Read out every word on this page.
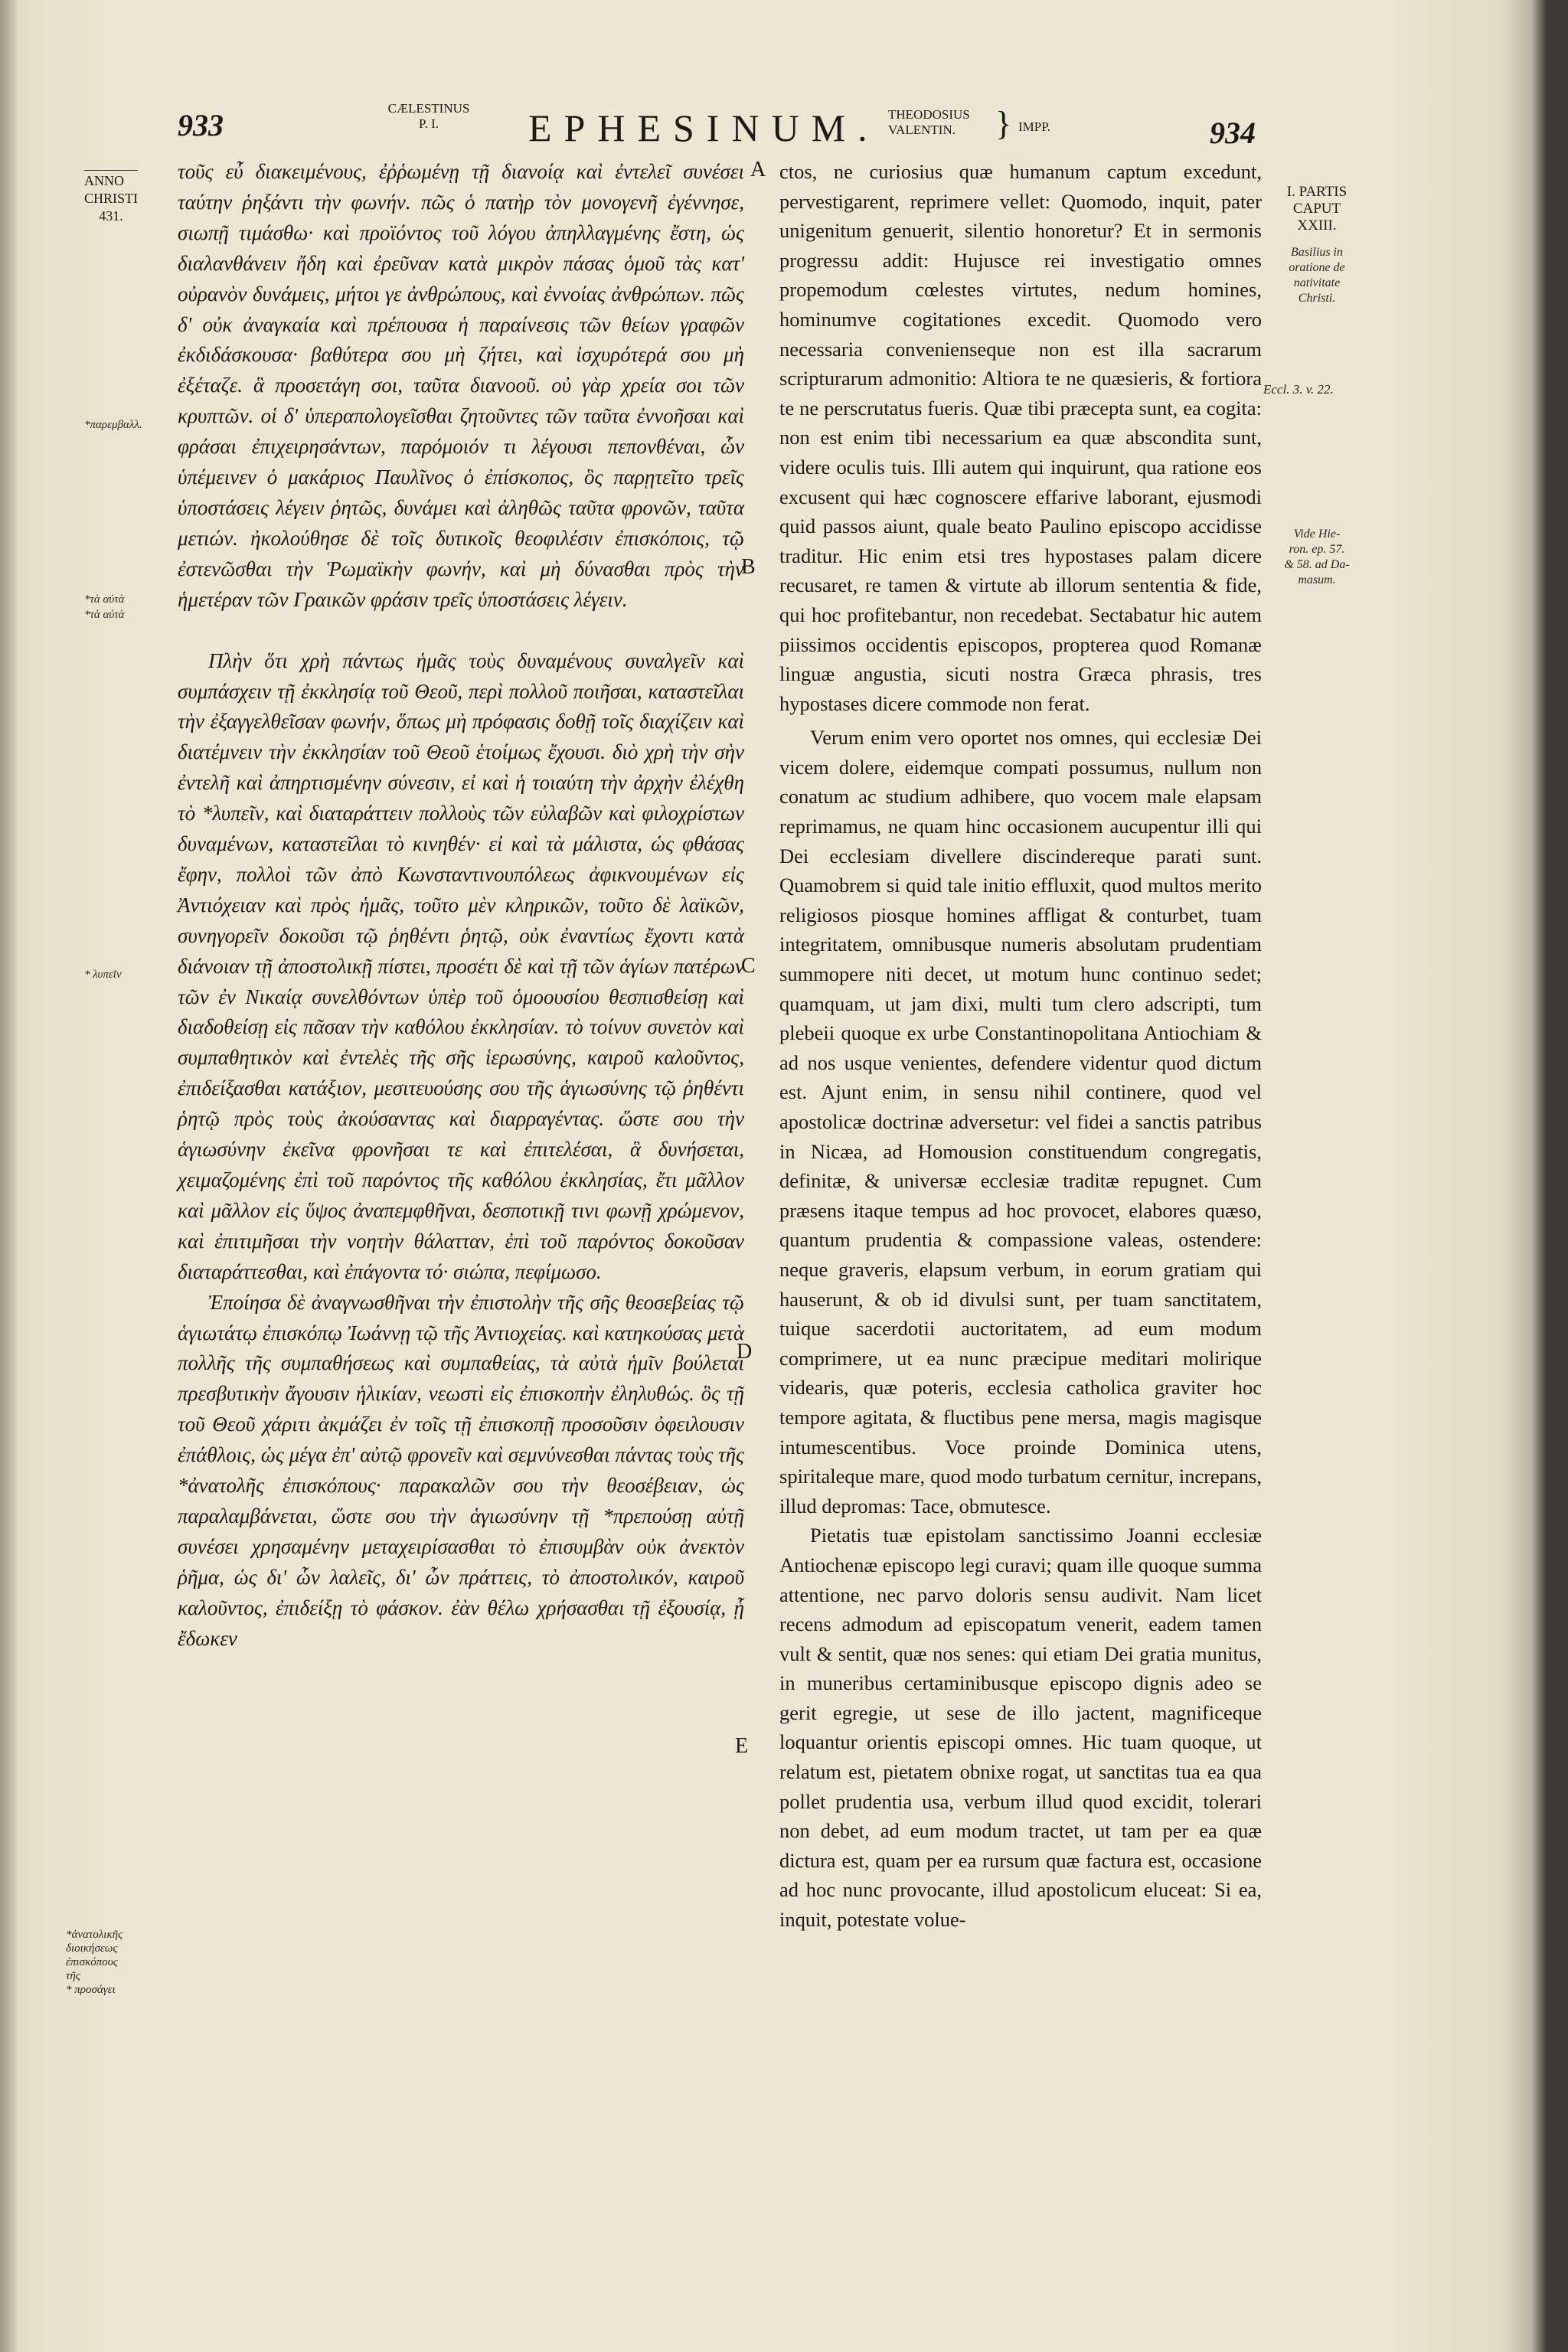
933	CÆLESTINUS
P. I.	EPHESINUM. THEODOSIUS
VALENTIN.	} IMPP.	934
ANNO
CHRISTI
431.
*παρεμβαλλ.
*τὰ αὐτὰ
*τὰ αὐτὰ
* λυπεῖν
*ἀνατολικῆς
διοικήσεως
ἐπισκόπους
τῆς
* προσάγει
A
B
C
D
E

τοῦς εὖ διακειμένους, ἐῤῥωμένῃ τῇ διανοίᾳ καὶ ἐντελεῖ συνέσει ταύτην ῥηξάντι τὴν φωνήν. πῶς ὁ πατὴρ τὸν μονογενῆ ἐγέννησε, σιωπῇ τιμάσθω· καὶ προϊόντος τοῦ λόγου ἀπηλλαγμένης ἔστη, ὡς διαλανθάνειν ἤδη καὶ ἐρεῦναν κατὰ μικρὸν πάσας ὁμοῦ τὰς κατ' οὐρανὸν δυνάμεις, μήτοι γε ἀνθρώπους, καὶ ἐννοίας ἀνθρώπων. πῶς δ' οὐκ ἀναγκαία καὶ πρέπουσα ἡ παραίνεσις τῶν θείων γραφῶν ἐκδιδάσκουσα· βαθύτερα σου μὴ ζήτει, καὶ ἰσχυρότερά σου μὴ ἐξέταζε. ἃ προσετάγη σοι, ταῦτα διανοοῦ. οὐ γὰρ χρεία σοι τῶν κρυπτῶν. οἱ δ' ὑπεραπολογεῖσθαι ζητοῦντες τῶν ταῦτα ἐννοῆσαι καὶ φράσαι ἐπιχειρησάντων, παρόμοιόν τι λέγουσι πεπονθέναι, ὧν ὑπέμεινεν ὁ μακάριος Παυλῖνος ὁ ἐπίσκοπος, ὃς παρῃτεῖτο τρεῖς ὑποστάσεις λέγειν ῥητῶς, δυνάμει καὶ ἀληθῶς ταῦτα φρονῶν, ταῦτα μετιών. ἠκολούθησε δὲ τοῖς δυτικοῖς θεοφιλέσιν ἐπισκόποις, τῷ ἐστενῶσθαι τὴν Ῥωμαϊκὴν φωνήν, καὶ μὴ δύνασθαι πρὸς τὴν ἡμετέραν τῶν Γραικῶν φράσιν τρεῖς ὑποστάσεις λέγειν.

Πλὴν ὅτι χρὴ πάντως ἡμᾶς τοὺς δυναμένους συναλγεῖν καὶ συμπάσχειν τῇ ἐκκλησίᾳ τοῦ Θεοῦ, περὶ πολλοῦ ποιῆσαι, καταστεῖλαι τὴν ἐξαγγελθεῖσαν φωνήν, ὅπως μὴ πρόφασις δοθῇ τοῖς διαχίζειν καὶ διατέμνειν τὴν ἐκκλησίαν τοῦ Θεοῦ ἑτοίμως ἔχουσι. διὸ χρὴ τὴν σὴν ἐντελῆ καὶ ἀπηρτισμένην σύνεσιν, εἰ καὶ ἡ τοιαύτη τὴν ἀρχὴν ἐλέχθη τὸ *λυπεῖν, καὶ διαταράττειν πολλοὺς τῶν εὐλαβῶν καὶ φιλοχρίστων δυναμένων, καταστεῖλαι τὸ κινηθέν· εἰ καὶ τὰ μάλιστα, ὡς φθάσας ἔφην, πολλοὶ τῶν ἀπὸ Κωνσταντινουπόλεως ἀφικνουμένων εἰς Ἀντιόχειαν καὶ πρὸς ἡμᾶς, τοῦτο μὲν κληρικῶν, τοῦτο δὲ λαϊκῶν, συνηγορεῖν δοκοῦσι τῷ ῥηθέντι ῥητῷ, οὐκ ἐναντίως ἔχοντι κατὰ διάνοιαν τῇ ἀποστολικῇ πίστει, προσέτι δὲ καὶ τῇ τῶν ἁγίων πατέρων τῶν ἐν Νικαίᾳ συνελθόντων ὑπὲρ τοῦ ὁμοουσίου θεσπισθείσῃ καὶ διαδοθείσῃ εἰς πᾶσαν τὴν καθόλου ἐκκλησίαν. τὸ τοίνυν συνετὸν καὶ συμπαθητικὸν καὶ ἐντελὲς τῆς σῆς ἱερωσύνης, καιροῦ καλοῦντος, ἐπιδείξασθαι κατάξιον, μεσιτευούσης σου τῆς ἁγιωσύνης τῷ ῥηθέντι ῥητῷ πρὸς τοὺς ἀκούσαντας καὶ διαρραγέντας. ὥστε σου τὴν ἁγιωσύνην ἐκεῖνα φρονῆσαι τε καὶ ἐπιτελέσαι, ἃ δυνήσεται, χειμαζομένης ἐπὶ τοῦ παρόντος τῆς καθόλου ἐκκλησίας, ἔτι μᾶλλον καὶ μᾶλλον εἰς ὕψος ἀναπεμφθῆναι, δεσποτικῇ τινι φωνῇ χρώμενον, καὶ ἐπιτιμῆσαι τὴν νοητὴν θάλατταν, ἐπὶ τοῦ παρόντος δοκοῦσαν διαταράττεσθαι, καὶ ἐπάγοντα τό· σιώπα, πεφίμωσο.

Ἐποίησα δὲ ἀναγνωσθῆναι τὴν ἐπιστολὴν τῆς σῆς θεοσεβείας τῷ ἁγιωτάτῳ ἐπισκόπῳ Ἰωάννῃ τῷ τῆς Ἀντιοχείας. καὶ κατηκούσας μετὰ πολλῆς τῆς συμπαθήσεως καὶ συμπαθείας, τὰ αὐτὰ ἡμῖν βούλεται πρεσβυτικὴν ἄγουσιν ἡλικίαν, νεωστὶ εἰς ἐπισκοπὴν ἐληλυθώς. ὃς τῇ τοῦ Θεοῦ χάριτι ἀκμάζει ἐν τοῖς τῇ ἐπισκοπῇ προσοῦσιν ὀφειλουσιν ἐπάθλοις, ὡς μέγα ἐπ' αὐτῷ φρονεῖν καὶ σεμνύνεσθαι πάντας τοὺς τῆς *ἀνατολῆς ἐπισκόπους· παρακαλῶν σου τὴν θεοσέβειαν, ὡς παραλαμβάνεται, ὥστε σου τὴν ἁγιωσύνην τῇ *πρεπούσῃ αὐτῇ συνέσει χρησαμένην μεταχειρίσασθαι τὸ ἐπισυμβὰν οὐκ ἀνεκτὸν ῥῆμα, ὡς δι' ὧν λαλεῖς, δι' ὧν πράττεις, τὸ ἀποστολικόν, καιροῦ καλοῦντος, ἐπιδείξῃ τὸ φάσκον. ἐὰν θέλω χρήσασθαι τῇ ἐξουσίᾳ, ᾗ ἔδωκεν

ctos, ne curiosius quæ humanum captum excedunt, pervestigarent, reprimere vellet: Quomodo, inquit, pater unigenitum genuerit, silentio honoretur? Et in sermonis progressu addit: Hujusce rei investigatio omnes propemodum cœlestes virtutes, nedum homines, hominumve cogitationes excedit. Quomodo vero necessaria convenienseque non est illa sacrarum scripturarum admonitio: Altiora te ne quæsieris, & fortiora te ne perscrutatus fueris. Quæ tibi præcepta sunt, ea cogita: non est enim tibi necessarium ea quæ abscondita sunt, videre oculis tuis. Illi autem qui inquirunt, qua ratione eos excusent qui hæc cognoscere effarive laborant, ejusmodi quid passos aiunt, quale beato Paulino episcopo accidisse traditur. Hic enim etsi tres hypostases palam dicere recusaret, re tamen & virtute ab illorum sententia & fide, qui hoc profitebantur, non recedebat. Sectabatur hic autem piissimos occidentis episcopos, propterea quod Romanæ linguæ angustia, sicuti nostra Græca phrasis, tres hypostases dicere commode non ferat.

Verum enim vero oportet nos omnes, qui ecclesiæ Dei vicem dolere, eidemque compati possumus, nullum non conatum ac studium adhibere, quo vocem male elapsam reprimamus, ne quam hinc occasionem aucupentur illi qui Dei ecclesiam divellere discindereque parati sunt. Quamobrem si quid tale initio effluxit, quod multos merito religiosos piosque homines affligat & conturbet, tuam integritatem, omnibusque numeris absolutam prudentiam summopere niti decet, ut motum hunc continuo sedet; quamquam, ut jam dixi, multi tum clero adscripti, tum plebeii quoque ex urbe Constantinopolitana Antiochiam & ad nos usque venientes, defendere videntur quod dictum est. Ajunt enim, in sensu nihil continere, quod vel apostolicæ doctrinæ adversetur: vel fidei a sanctis patribus in Nicæa, ad Homousion constituendum congregatis, definitæ, & universæ ecclesiæ traditæ repugnet. Cum præsens itaque tempus ad hoc provocet, elabores quæso, quantum prudentia & compassione valeas, ostendere: neque graveris, elapsum verbum, in eorum gratiam qui hauserunt, & ob id divulsi sunt, per tuam sanctitatem, tuique sacerdotii auctoritatem, ad eum modum comprimere, ut ea nunc præcipue meditari molirique videaris, quæ poteris, ecclesia catholica graviter hoc tempore agitata, & fluctibus pene mersa, magis magisque intumescentibus. Voce proinde Dominica utens, spiritaleque mare, quod modo turbatum cernitur, increpans, illud depromas: Tace, obmutesce.

Pietatis tuæ epistolam sanctissimo Joanni ecclesiæ Antiochenæ episcopo legi curavi; quam ille quoque summa attentione, nec parvo doloris sensu audivit. Nam licet recens admodum ad episcopatum venerit, eadem tamen vult & sentit, quæ nos senes: qui etiam Dei gratia munitus, in muneribus certaminibusque episcopo dignis adeo se gerit egregie, ut sese de illo jactent, magnificeque loquantur orientis episcopi omnes. Hic tuam quoque, ut relatum est, pietatem obnixe rogat, ut sanctitas tua ea qua pollet prudentia usa, verbum illud quod excidit, tolerari non debet, ad eum modum tractet, ut tam per ea quæ dictura est, quam per ea rursum quæ factura est, occasione ad hoc nunc provocante, illud apostolicum eluceat: Si ea, inquit, potestate volue-

I. PARTIS
CAPUT
XXIII.
Basilius in
oratione de
nativitate
Christi.
Eccl. 3. v. 22.
Vide Hie-
ron. ep. 57.
& 58. ad Da-
masum.
